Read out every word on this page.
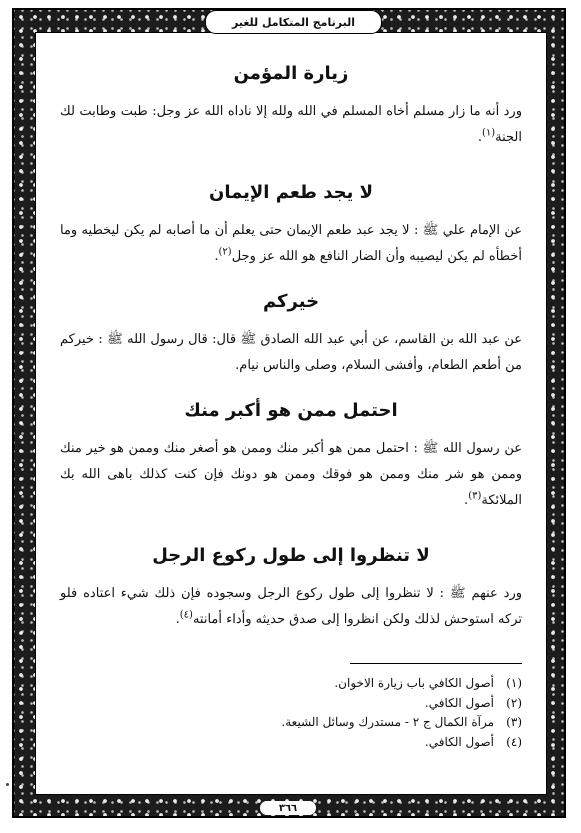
البرنامج المتكامل للغير
زيارة المؤمن

ورد أنه ما زار مسلم أخاه المسلم في الله ولله إلا ناداه الله عز وجل: طبت وطابت لك الجنة$^{(١)}$.

لا يجد طعم الإيمان

عن الإمام علي ﷺ : لا يجد عبد طعم الإيمان حتى يعلم أن ما أصابه لم يكن ليخطيه وما أخطأه لم يكن ليصيبه وأن الضار النافع هو الله عز وجل$^{(٢)}$.

خيركم

عن عبد الله بن القاسم، عن أبي عبد الله الصادق ﷺ قال: قال رسول الله ﷺ : خيركم من أطعم الطعام، وأفشى السلام، وصلى والناس نيام.

احتمل ممن هو أكبر منك

عن رسول الله ﷺ : احتمل ممن هو أكبر منك وممن هو أصغر منك وممن هو خير منك وممن هو شر منك وممن هو فوقك وممن هو دونك فإن كنت كذلك باهى الله بك الملائكة$^{(٣)}$.

لا تنظروا إلى طول ركوع الرجل

ورد عنهم ﷺ : لا تنظروا إلى طول ركوع الرجل وسجوده فإن ذلك شيء اعتاده فلو تركه استوحش لذلك ولكن انظروا إلى صدق حديثه وأداء أمانته$^{(٤)}$.

(١)أصول الكافي باب زيارة الاخوان.
(٢)أصول الكافي.
(٣)مرآة الكمال ج ٢ - مستدرك وسائل الشيعة.
(٤)أصول الكافي.
٣٦٦
